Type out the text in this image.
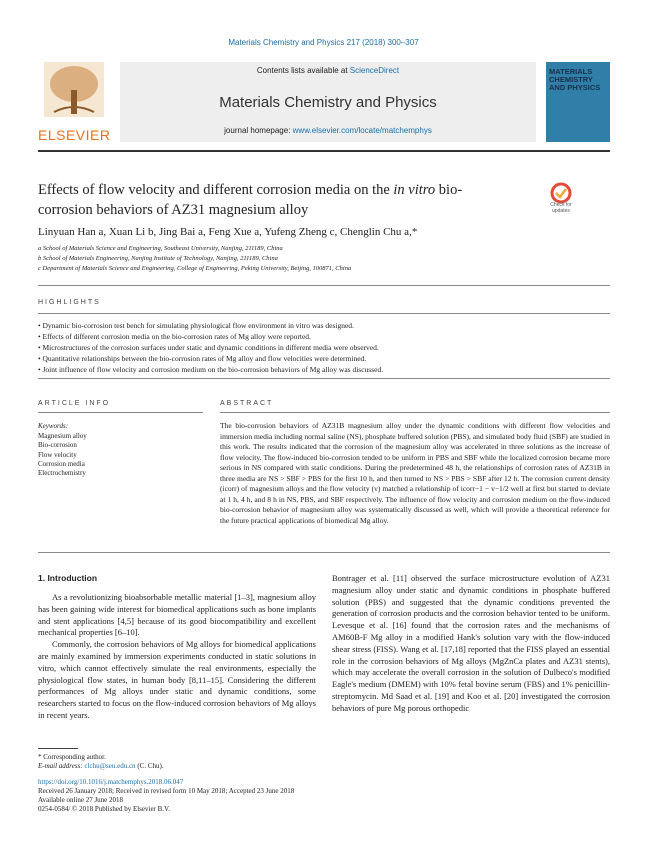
Materials Chemistry and Physics 217 (2018) 300–307
ELSEVIER
Contents lists available at ScienceDirect
Materials Chemistry and Physics
journal homepage: www.elsevier.com/locate/matchemphys
MATERIALS CHEMISTRY AND PHYSICS
Effects of flow velocity and different corrosion media on the in vitro bio-
corrosion behaviors of AZ31 magnesium alloy	Check for updates
Linyuan Han a, Xuan Li b, Jing Bai a, Feng Xue a, Yufeng Zheng c, Chenglin Chu a,*
a School of Materials Science and Engineering, Southeast University, Nanjing, 211189, China
b School of Materials Engineering, Nanjing Institute of Technology, Nanjing, 211189, China
c Department of Materials Science and Engineering, College of Engineering, Peking University, Beijing, 100871, China
HIGHLIGHTS
• Dynamic bio-corrosion test bench for simulating physiological flow environment in vitro was designed.
• Effects of different corrosion media on the bio-corrosion rates of Mg alloy were reported.
• Microstructures of the corrosion surfaces under static and dynamic conditions in different media were observed.
• Quantitative relationships between the bio-corrosion rates of Mg alloy and flow velocities were determined.
• Joint influence of flow velocity and corrosion medium on the bio-corrosion behaviors of Mg alloy was discussed.
ARTICLE INFO	ABSTRACT
Keywords:
Magnesium alloy
Bio-corrosion
Flow velocity
Corrosion media
Electrochemistry
The bio-corrosion behaviors of AZ31B magnesium alloy under the dynamic conditions with different flow velocities and immersion media including normal saline (NS), phosphate buffered solution (PBS), and simulated body fluid (SBF) are studied in this work. The results indicated that the corrosion of the magnesium alloy was accelerated in three solutions as the increase of flow velocity. The flow-induced bio-corrosion tended to be uniform in PBS and SBF while the localized corrosion became more serious in NS compared with static conditions. During the predetermined 48 h, the relationships of corrosion rates of AZ31B in three media are NS > SBF > PBS for the first 10 h, and then turned to NS > PBS > SBF after 12 h. The corrosion current density (icorr) of magnesium alloys and the flow velocity (v) matched a relationship of icorr−1 − v−1/2 well at first but started to deviate at 1 h, 4 h, and 8 h in NS, PBS, and SBF respectively. The influence of flow velocity and corrosion medium on the flow-induced bio-corrosion behavior of magnesium alloy was systematically discussed as well, which will provide a theoretical reference for the future practical applications of biomedical Mg alloy.
1. Introduction
As a revolutionizing bioabsorbable metallic material [1–3], magnesium alloy has been gaining wide interest for biomedical applications such as bone implants and stent applications [4,5] because of its good biocompatibility and excellent mechanical properties [6–10].
Commonly, the corrosion behaviors of Mg alloys for biomedical applications are mainly examined by immersion experiments conducted in static solutions in vitro, which cannot effectively simulate the real environments, especially the physiological flow states, in human body [8,11–15]. Considering the different performances of Mg alloys under static and dynamic conditions, some researchers started to focus on the flow-induced corrosion behaviors of Mg alloys in recent years.
Bontrager et al. [11] observed the surface microstructure evolution of AZ31 magnesium alloy under static and dynamic conditions in phosphate buffered solution (PBS) and suggested that the dynamic conditions prevented the generation of corrosion products and the corrosion behavior tented to be uniform. Levesque et al. [16] found that the corrosion rates and the mechanisms of AM60B-F Mg alloy in a modified Hank's solution vary with the flow-induced shear stress (FISS). Wang et al. [17,18] reported that the FISS played an essential role in the corrosion behaviors of Mg alloys (MgZnCa plates and AZ31 stents), which may accelerate the overall corrosion in the solution of Dulbeco's modified Eagle's medium (DMEM) with 10% fetal bovine serum (FBS) and 1% penicillin-streptomycin. Md Saad et al. [19] and Koo et al. [20] investigated the corrosion behaviors of pure Mg porous orthopedic
* Corresponding author.
E-mail address: clchu@seu.edu.cn (C. Chu).
https://doi.org/10.1016/j.matchemphys.2018.06.047
Received 26 January 2018; Received in revised form 10 May 2018; Accepted 23 June 2018
Available online 27 June 2018
0254-0584/ © 2018 Published by Elsevier B.V.
